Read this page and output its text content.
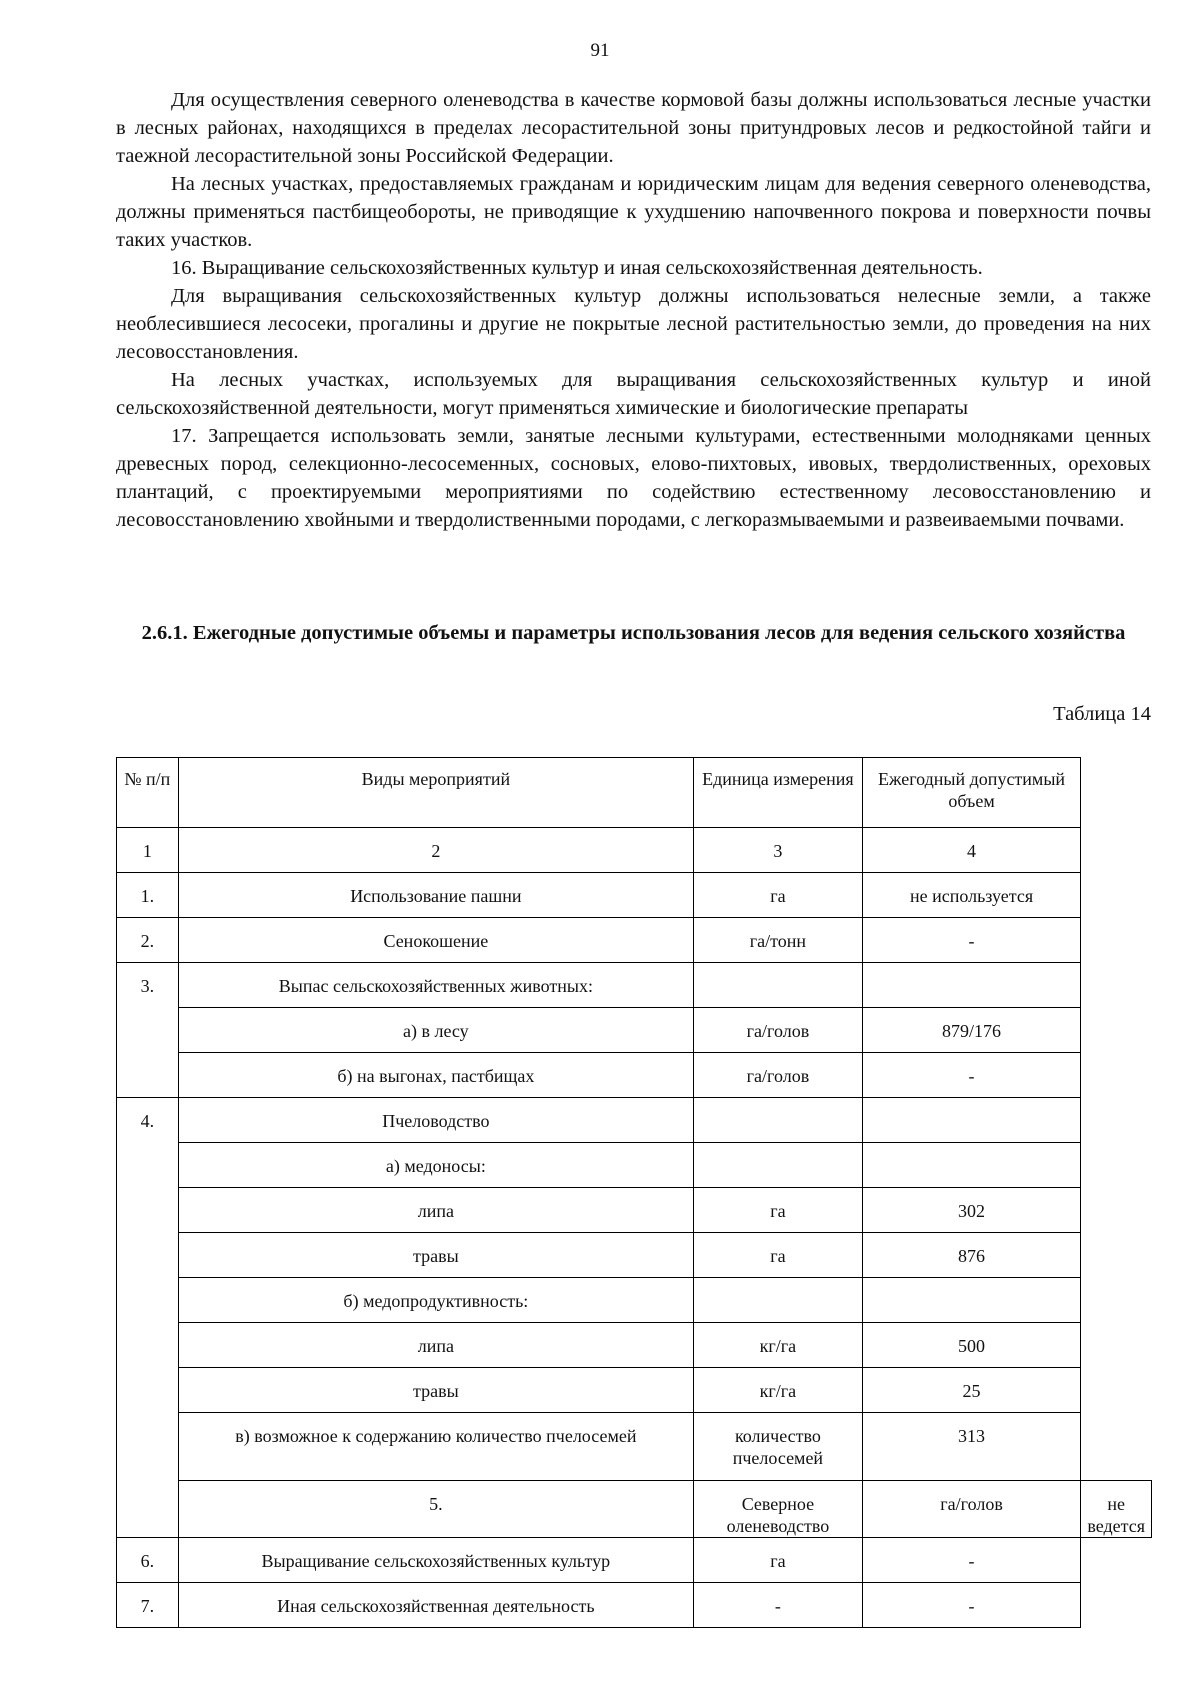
91

Для осуществления северного оленеводства в качестве кормовой базы должны использоваться лесные участки в лесных районах, находящихся в пределах лесорастительной зоны притундровых лесов и редкостойной тайги и таежной лесорастительной зоны Российской Федерации.

На лесных участках, предоставляемых гражданам и юридическим лицам для ведения северного оленеводства, должны применяться пастбищеобороты, не приводящие к ухудшению напочвенного покрова и поверхности почвы таких участков.

16. Выращивание сельскохозяйственных культур и иная сельскохозяйственная деятельность.

Для выращивания сельскохозяйственных культур должны использоваться нелесные земли, а также необлесившиеся лесосеки, прогалины и другие не покрытые лесной растительностью земли, до проведения на них лесовосстановления.

На лесных участках, используемых для выращивания сельскохозяйственных культур и иной сельскохозяйственной деятельности, могут применяться химические и биологические препараты

17. Запрещается использовать земли, занятые лесными культурами, естественными молодняками ценных древесных пород, селекционно-лесосеменных, сосновых, елово-пихтовых, ивовых, твердолиственных, ореховых плантаций, с проектируемыми мероприятиями по содействию естественному лесовосстановлению и лесовосстановлению хвойными и твердолиственными породами, с легкоразмываемыми и развеиваемыми почвами.

2.6.1. Ежегодные допустимые объемы и параметры использования лесов для ведения сельского хозяйства
Таблица 14
№ п/п	Виды мероприятий	Единица измерения	Ежегодный допустимый объем	
1	2	3	4	
1.	Использование пашни	га	не используется	
2.	Сенокошение	га/тонн	-	
3.	Выпас сельскохозяйственных животных:			
	а) в лесу	га/голов	879/176	
	б) на выгонах, пастбищах	га/голов	-	
4.	Пчеловодство			
	а) медоносы:			
	липа	га	302	
	травы	га	876	
	б) медопродуктивность:			
	липа	кг/га	500	
	травы	кг/га	25	
	в) возможное к содержанию количество пчелосемей	количество пчелосемей	313	
	5.	Северное оленеводство	га/голов	не ведется
6.	Выращивание сельскохозяйственных культур	га	-	
7.	Иная сельскохозяйственная деятельность	-	-	
